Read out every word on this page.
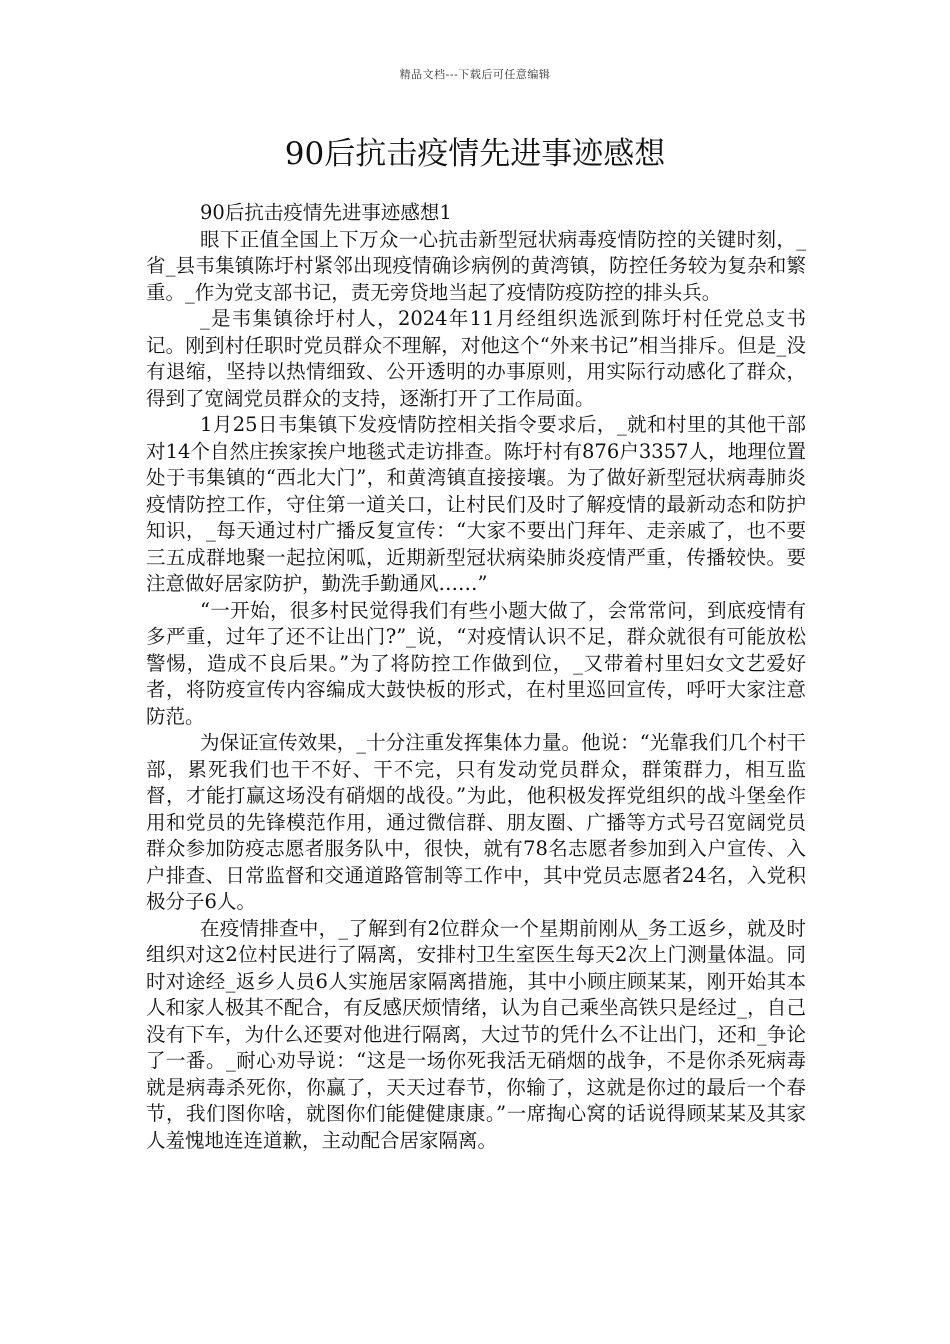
精品文档---下载后可任意编辑
90后抗击疫情先进事迹感想

90后抗击疫情先进事迹感想1

眼下正值全国上下万众一心抗击新型冠状病毒疫情防控的关键时刻，_省_县韦集镇陈圩村紧邻出现疫情确诊病例的黄湾镇，防控任务较为复杂和繁重。_作为党支部书记，责无旁贷地当起了疫情防疫防控的排头兵。

_是韦集镇徐圩村人，2024年11月经组织选派到陈圩村任党总支书记。刚到村任职时党员群众不理解，对他这个“外来书记”相当排斥。但是_没有退缩，坚持以热情细致、公开透明的办事原则，用实际行动感化了群众，得到了宽阔党员群众的支持，逐渐打开了工作局面。

1月25日韦集镇下发疫情防控相关指令要求后，_就和村里的其他干部对14个自然庄挨家挨户地毯式走访排查。陈圩村有876户3357人，地理位置处于韦集镇的“西北大门”，和黄湾镇直接接壤。为了做好新型冠状病毒肺炎疫情防控工作，守住第一道关口，让村民们及时了解疫情的最新动态和防护知识，_每天通过村广播反复宣传：“大家不要出门拜年、走亲戚了，也不要三五成群地聚一起拉闲呱，近期新型冠状病染肺炎疫情严重，传播较快。要注意做好居家防护，勤洗手勤通风……”

“一开始，很多村民觉得我们有些小题大做了，会常常问，到底疫情有多严重，过年了还不让出门?”_说，“对疫情认识不足，群众就很有可能放松警惕，造成不良后果。”为了将防控工作做到位，_又带着村里妇女文艺爱好者，将防疫宣传内容编成大鼓快板的形式，在村里巡回宣传，呼吁大家注意防范。

为保证宣传效果，_十分注重发挥集体力量。他说：“光靠我们几个村干部，累死我们也干不好、干不完，只有发动党员群众，群策群力，相互监督，才能打赢这场没有硝烟的战役。”为此，他积极发挥党组织的战斗堡垒作用和党员的先锋模范作用，通过微信群、朋友圈、广播等方式号召宽阔党员群众参加防疫志愿者服务队中，很快，就有78名志愿者参加到入户宣传、入户排查、日常监督和交通道路管制等工作中，其中党员志愿者24名，入党积极分子6人。

在疫情排查中，_了解到有2位群众一个星期前刚从_务工返乡，就及时组织对这2位村民进行了隔离，安排村卫生室医生每天2次上门测量体温。同时对途经_返乡人员6人实施居家隔离措施，其中小顾庄顾某某，刚开始其本人和家人极其不配合，有反感厌烦情绪，认为自己乘坐高铁只是经过_，自己没有下车，为什么还要对他进行隔离，大过节的凭什么不让出门，还和_争论了一番。_耐心劝导说：“这是一场你死我活无硝烟的战争，不是你杀死病毒就是病毒杀死你，你赢了，天天过春节，你输了，这就是你过的最后一个春节，我们图你啥，就图你们能健健康康。”一席掏心窝的话说得顾某某及其家人羞愧地连连道歉，主动配合居家隔离。
